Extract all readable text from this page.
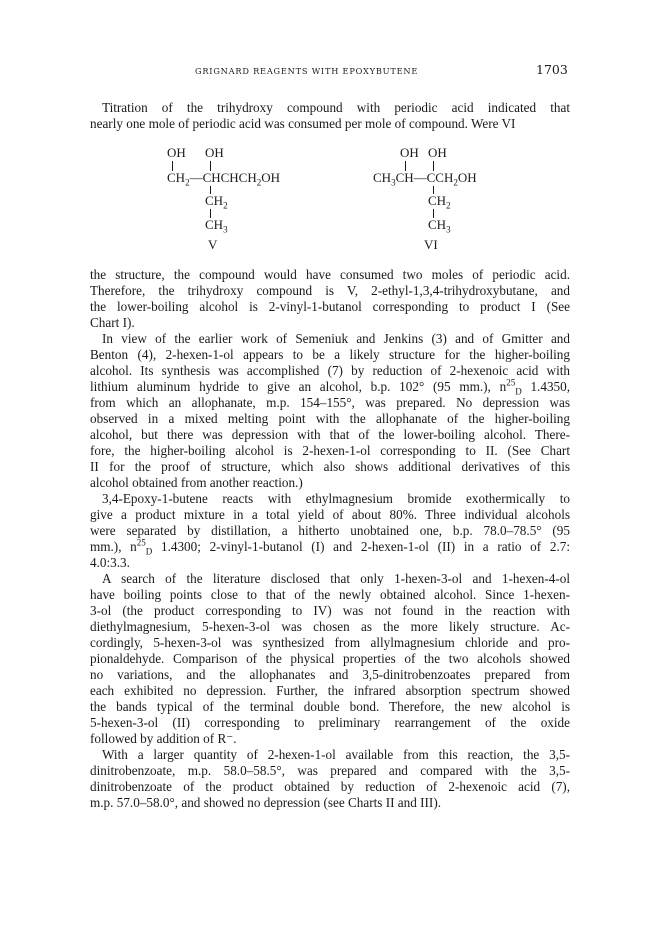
GRIGNARD REAGENTS WITH EPOXYBUTENE	1703
Titration of the trihydroxy compound with periodic acid indicated that
nearly one mole of periodic acid was consumed per mole of compound. Were VI
OH OH
$CH_2—CHCHCH_2OH$
$CH_2$
$CH_3$
V
OH OH
$CH_3CH—CCH_2OH$
$CH_2$
$CH_3$
VI
the structure, the compound would have consumed two moles of periodic acid.
Therefore, the trihydroxy compound is V, 2-ethyl-1,3,4-trihydroxybutane, and
the lower-boiling alcohol is 2-vinyl-1-butanol corresponding to product I (See
Chart I).
In view of the earlier work of Semeniuk and Jenkins (3) and of Gmitter and
Benton (4), 2-hexen-1-ol appears to be a likely structure for the higher-boiling
alcohol. Its synthesis was accomplished (7) by reduction of 2-hexenoic acid with
lithium aluminum hydride to give an alcohol, b.p. 102° (95 mm.), $n^{25}_D$ 1.4350,
from which an allophanate, m.p. 154–155°, was prepared. No depression was
observed in a mixed melting point with the allophanate of the higher-boiling
alcohol, but there was depression with that of the lower-boiling alcohol. There-
fore, the higher-boiling alcohol is 2-hexen-1-ol corresponding to II. (See Chart
II for the proof of structure, which also shows additional derivatives of this
alcohol obtained from another reaction.)
3,4-Epoxy-1-butene reacts with ethylmagnesium bromide exothermically to
give a product mixture in a total yield of about 80%. Three individual alcohols
were separated by distillation, a hitherto unobtained one, b.p. 78.0–78.5° (95
mm.), $n^{25}_D$ 1.4300; 2-vinyl-1-butanol (I) and 2-hexen-1-ol (II) in a ratio of 2.7:
4.0:3.3.
A search of the literature disclosed that only 1-hexen-3-ol and 1-hexen-4-ol
have boiling points close to that of the newly obtained alcohol. Since 1-hexen-
3-ol (the product corresponding to IV) was not found in the reaction with
diethylmagnesium, 5-hexen-3-ol was chosen as the more likely structure. Ac-
cordingly, 5-hexen-3-ol was synthesized from allylmagnesium chloride and pro-
pionaldehyde. Comparison of the physical properties of the two alcohols showed
no variations, and the allophanates and 3,5-dinitrobenzoates prepared from
each exhibited no depression. Further, the infrared absorption spectrum showed
the bands typical of the terminal double bond. Therefore, the new alcohol is
5-hexen-3-ol (II) corresponding to preliminary rearrangement of the oxide
followed by addition of R⁻.
With a larger quantity of 2-hexen-1-ol available from this reaction, the 3,5-
dinitrobenzoate, m.p. 58.0–58.5°, was prepared and compared with the 3,5-
dinitrobenzoate of the product obtained by reduction of 2-hexenoic acid (7),
m.p. 57.0–58.0°, and showed no depression (see Charts II and III).
